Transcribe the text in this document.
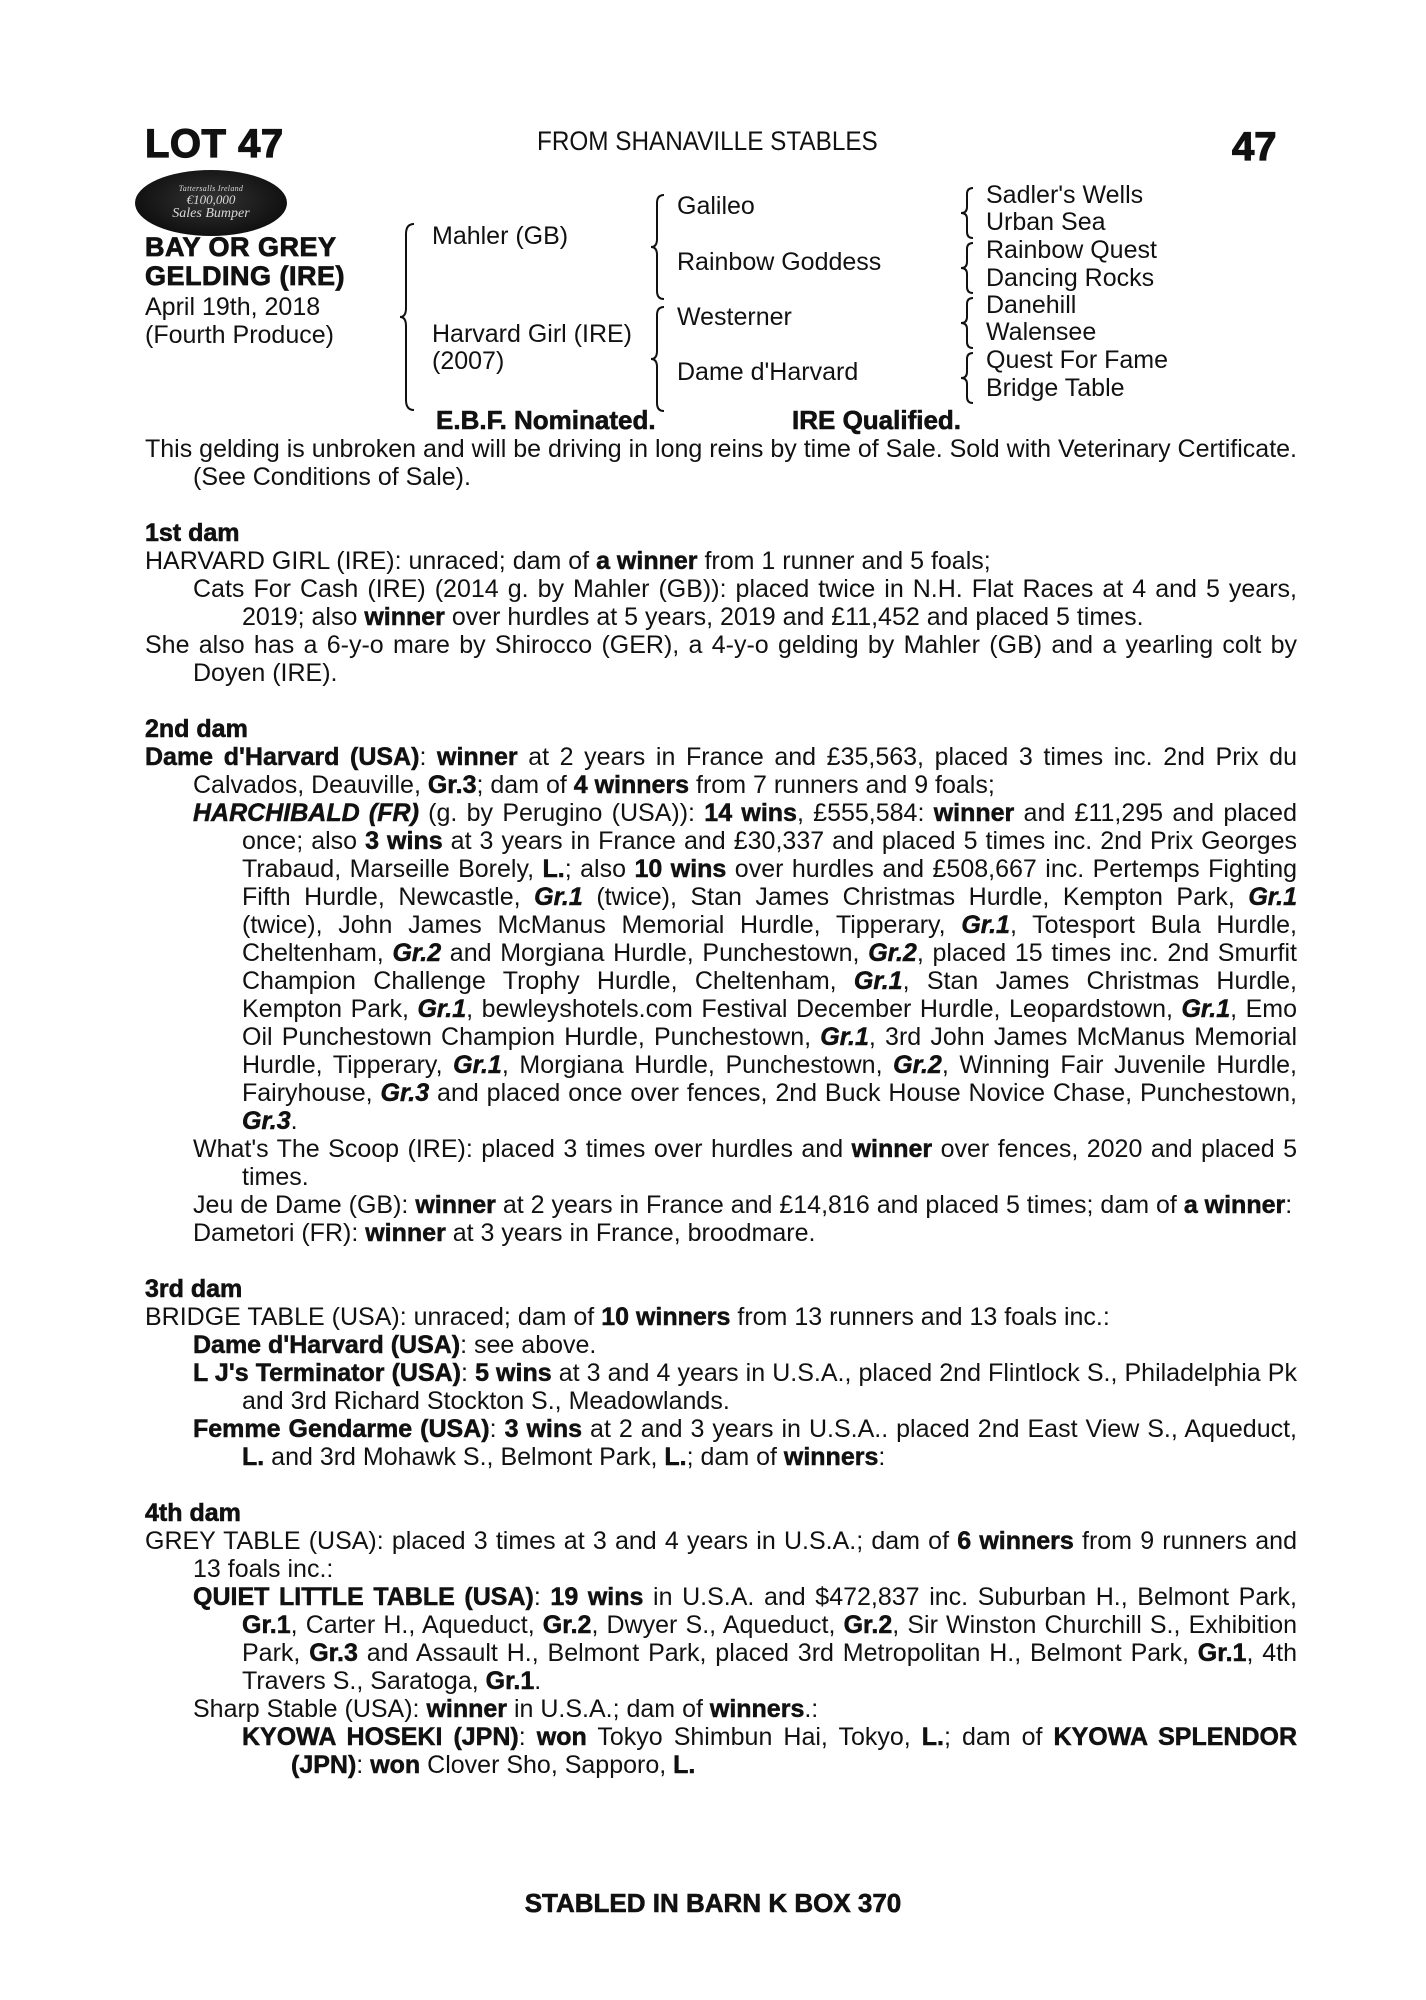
LOT 47	FROM SHANAVILLE STABLES	47
Tattersalls Ireland
€100,000
Sales Bumper
BAY OR GREY
GELDING (IRE)
April 19th, 2018
(Fourth Produce)
Mahler (GB)
Harvard Girl (IRE)
(2007)
Galileo
Rainbow Goddess
Westerner
Dame d'Harvard
Sadler's Wells
Urban Sea
Rainbow Quest
Dancing Rocks
Danehill
Walensee
Quest For Fame
Bridge Table
E.B.F. Nominated.	IRE Qualified.
This gelding is unbroken and will be driving in long reins by time of Sale. Sold with Veterinary Certificate. (See Conditions of Sale).
1st dam
HARVARD GIRL (IRE): unraced; dam of a winner from 1 runner and 5 foals;
Cats For Cash (IRE) (2014 g. by Mahler (GB)): placed twice in N.H. Flat Races at 4 and 5 years, 2019; also winner over hurdles at 5 years, 2019 and £11,452 and placed 5 times.
She also has a 6-y-o mare by Shirocco (GER), a 4-y-o gelding by Mahler (GB) and a yearling colt by Doyen (IRE).
2nd dam
Dame d'Harvard (USA): winner at 2 years in France and £35,563, placed 3 times inc. 2nd Prix du Calvados, Deauville, Gr.3; dam of 4 winners from 7 runners and 9 foals;
HARCHIBALD (FR) (g. by Perugino (USA)): 14 wins, £555,584: winner and £11,295 and placed once; also 3 wins at 3 years in France and £30,337 and placed 5 times inc. 2nd Prix Georges Trabaud, Marseille Borely, L.; also 10 wins over hurdles and £508,667 inc. Pertemps Fighting Fifth Hurdle, Newcastle, Gr.1 (twice), Stan James Christmas Hurdle, Kempton Park, Gr.1 (twice), John James McManus Memorial Hurdle, Tipperary, Gr.1, Totesport Bula Hurdle, Cheltenham, Gr.2 and Morgiana Hurdle, Punchestown, Gr.2, placed 15 times inc. 2nd Smurfit Champion Challenge Trophy Hurdle, Cheltenham, Gr.1, Stan James Christmas Hurdle, Kempton Park, Gr.1, bewleyshotels.com Festival December Hurdle, Leopardstown, Gr.1, Emo Oil Punchestown Champion Hurdle, Punchestown, Gr.1, 3rd John James McManus Memorial Hurdle, Tipperary, Gr.1, Morgiana Hurdle, Punchestown, Gr.2, Winning Fair Juvenile Hurdle, Fairyhouse, Gr.3 and placed once over fences, 2nd Buck House Novice Chase, Punchestown, Gr.3.
What's The Scoop (IRE): placed 3 times over hurdles and winner over fences, 2020 and placed 5 times.
Jeu de Dame (GB): winner at 2 years in France and £14,816 and placed 5 times; dam of a winner:
Dametori (FR): winner at 3 years in France, broodmare.
3rd dam
BRIDGE TABLE (USA): unraced; dam of 10 winners from 13 runners and 13 foals inc.:
Dame d'Harvard (USA): see above.
L J's Terminator (USA): 5 wins at 3 and 4 years in U.S.A., placed 2nd Flintlock S., Philadelphia Pk and 3rd Richard Stockton S., Meadowlands.
Femme Gendarme (USA): 3 wins at 2 and 3 years in U.S.A.. placed 2nd East View S., Aqueduct, L. and 3rd Mohawk S., Belmont Park, L.; dam of winners:
4th dam
GREY TABLE (USA): placed 3 times at 3 and 4 years in U.S.A.; dam of 6 winners from 9 runners and 13 foals inc.:
QUIET LITTLE TABLE (USA): 19 wins in U.S.A. and $472,837 inc. Suburban H., Belmont Park, Gr.1, Carter H., Aqueduct, Gr.2, Dwyer S., Aqueduct, Gr.2, Sir Winston Churchill S., Exhibition Park, Gr.3 and Assault H., Belmont Park, placed 3rd Metropolitan H., Belmont Park, Gr.1, 4th Travers S., Saratoga, Gr.1.
Sharp Stable (USA): winner in U.S.A.; dam of winners.:
KYOWA HOSEKI (JPN): won Tokyo Shimbun Hai, Tokyo, L.; dam of KYOWA SPLENDOR (JPN): won Clover Sho, Sapporo, L.
STABLED IN BARN K BOX 370
